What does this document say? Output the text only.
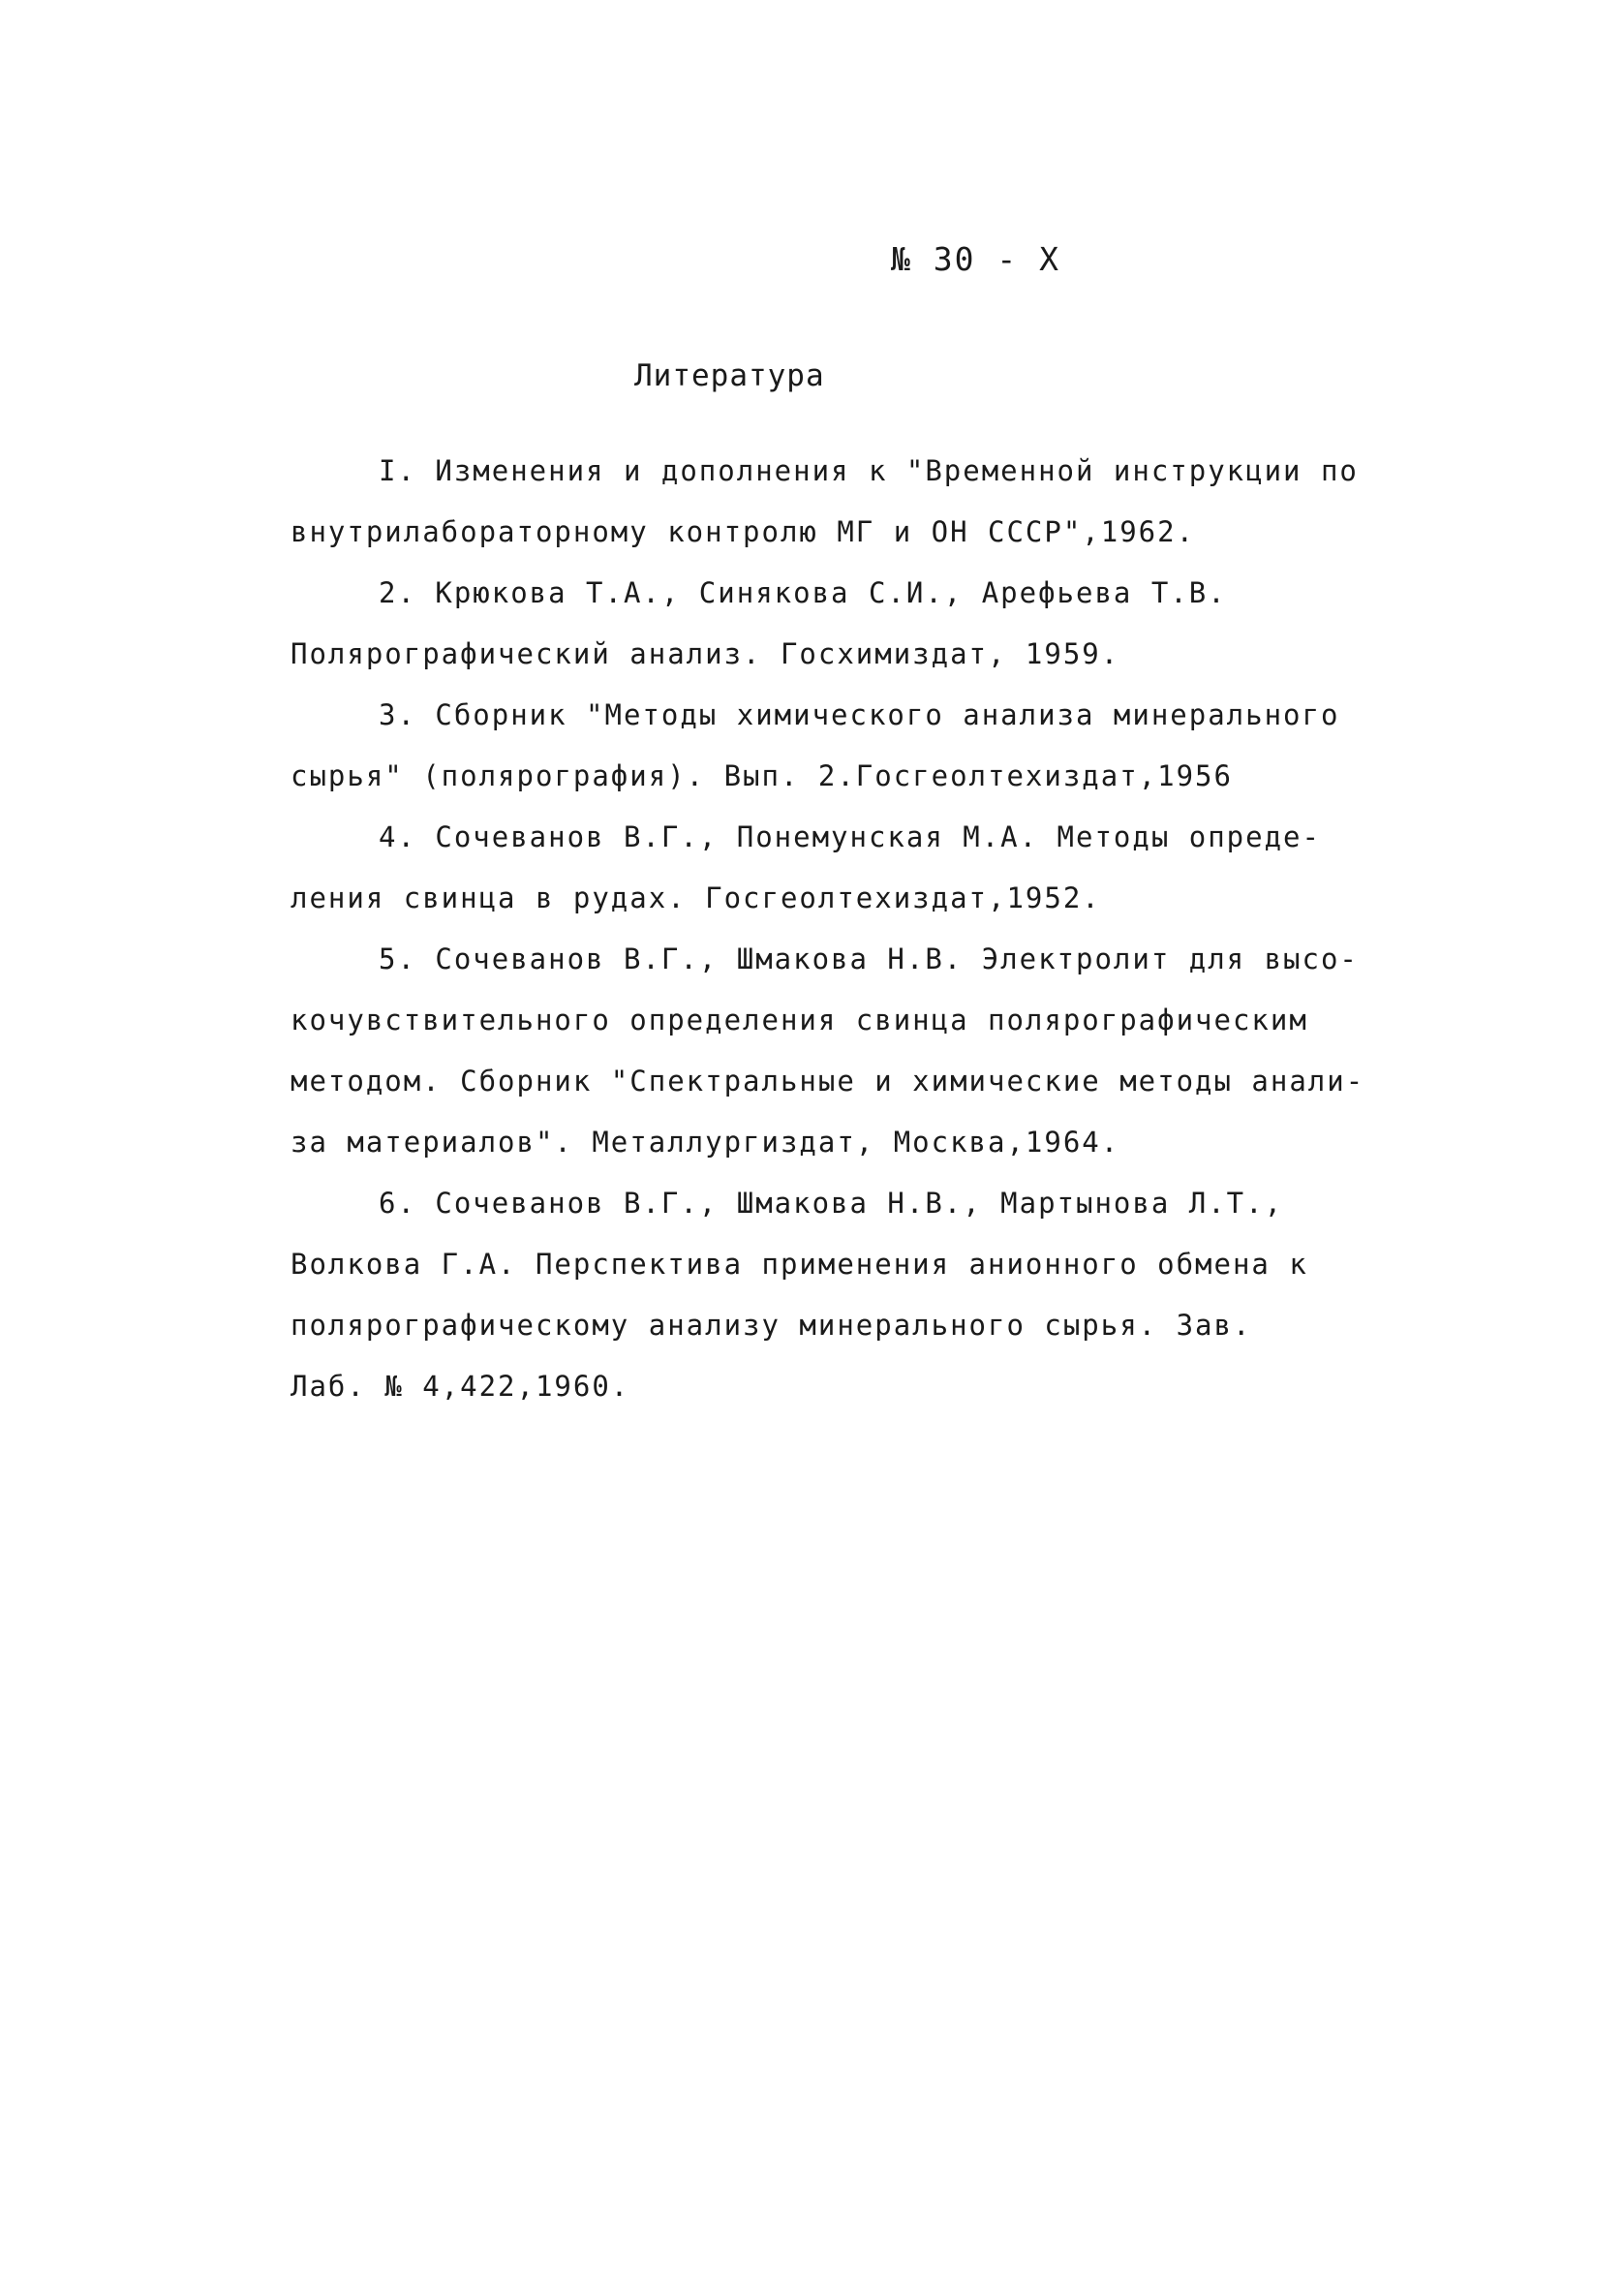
№ 30 - X
Литература
I. Изменения и дополнения к "Временной инструкции по
внутрилабораторному контролю МГ и ОН СССР",1962.
2. Крюкова Т.А., Синякова С.И., Арефьева Т.В.
Полярографический анализ. Госхимиздат, 1959.
3. Сборник "Методы химического анализа минерального
сырья" (полярография). Вып. 2.Госгеолтехиздат,1956
4. Сочеванов В.Г., Понемунская М.А. Методы опреде-
ления свинца в рудах. Госгеолтехиздат,1952.
5. Сочеванов В.Г., Шмакова Н.В. Электролит для высо-
кочувствительного определения свинца полярографическим
методом. Сборник "Спектральные и химические методы анали-
за материалов". Металлургиздат, Москва,1964.
6. Сочеванов В.Г., Шмакова Н.В., Мартынова Л.Т.,
Волкова Г.А. Перспектива применения анионного обмена к
полярографическому анализу минерального сырья. Зав.
Лаб. № 4,422,1960.
